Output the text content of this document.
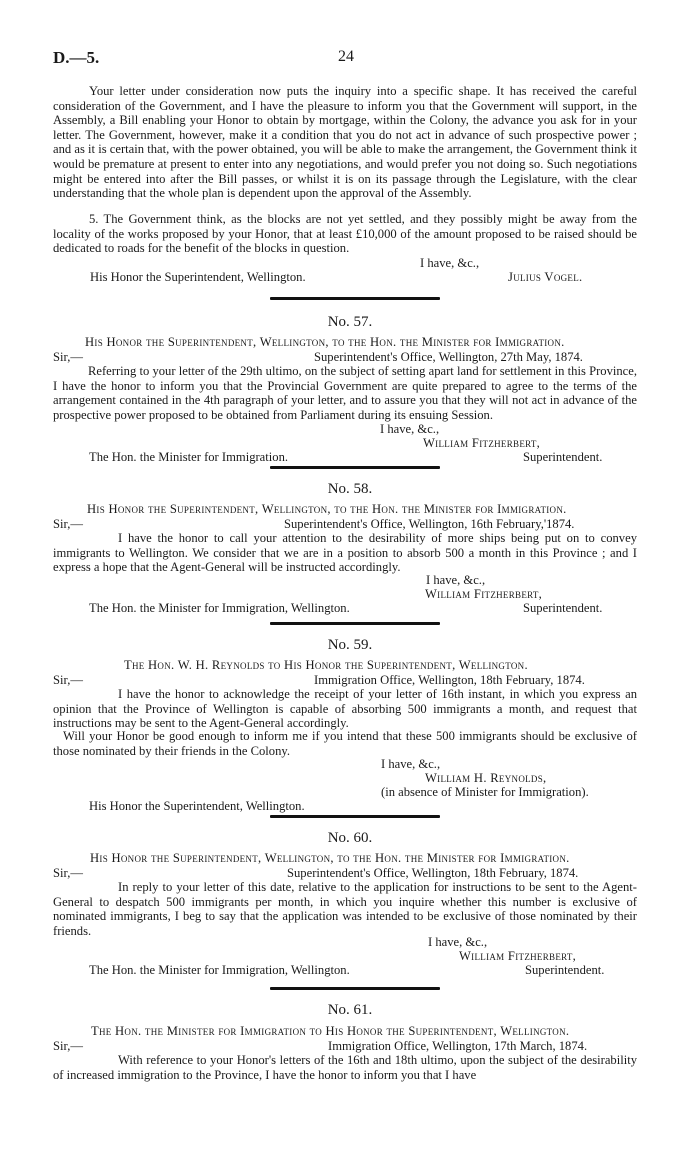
D.—5.	24

Your letter under consideration now puts the inquiry into a specific shape. It has received the careful consideration of the Government, and I have the pleasure to inform you that the Government will support, in the Assembly, a Bill enabling your Honor to obtain by mortgage, within the Colony, the advance you ask for in your letter. The Government, however, make it a condition that you do not act in advance of such prospective power ; and as it is certain that, with the power obtained, you will be able to make the arrangement, the Government think it would be premature at present to enter into any negotiations, and would prefer you not doing so. Such negotiations might be entered into after the Bill passes, or whilst it is on its passage through the Legislature, with the clear understanding that the whole plan is dependent upon the approval of the Assembly.

5. The Government think, as the blocks are not yet settled, and they possibly might be away from the locality of the works proposed by your Honor, that at least £10,000 of the amount proposed to be raised should be dedicated to roads for the benefit of the blocks in question.

I have, &c.,
His Honor the Superintendent, Wellington.	Julius Vogel.
No. 57.
His Honor the Superintendent, Wellington, to the Hon. the Minister for Immigration.
Sir,—	Superintendent's Office, Wellington, 27th May, 1874.

Referring to your letter of the 29th ultimo, on the subject of setting apart land for settlement in this Province, I have the honor to inform you that the Provincial Government are quite prepared to agree to the terms of the arrangement contained in the 4th paragraph of your letter, and to assure you that they will not act in advance of the prospective power proposed to be obtained from Parliament during its ensuing Session.

I have, &c.,
William Fitzherbert,
The Hon. the Minister for Immigration.	Superintendent.
No. 58.
His Honor the Superintendent, Wellington, to the Hon. the Minister for Immigration.
Sir,—	Superintendent's Office, Wellington, 16th February,'1874.

I have the honor to call your attention to the desirability of more ships being put on to convey immigrants to Wellington. We consider that we are in a position to absorb 500 a month in this Province ; and I express a hope that the Agent-General will be instructed accordingly.

I have, &c.,
William Fitzherbert,
The Hon. the Minister for Immigration, Wellington.	Superintendent.
No. 59.
The Hon. W. H. Reynolds to His Honor the Superintendent, Wellington.
Sir,—	Immigration Office, Wellington, 18th February, 1874.

I have the honor to acknowledge the receipt of your letter of 16th instant, in which you express an opinion that the Province of Wellington is capable of absorbing 500 immigrants a month, and request that instructions may be sent to the Agent-General accordingly.

Will your Honor be good enough to inform me if you intend that these 500 immigrants should be exclusive of those nominated by their friends in the Colony.

I have, &c.,
William H. Reynolds,
(in absence of Minister for Immigration).
His Honor the Superintendent, Wellington.
No. 60.
His Honor the Superintendent, Wellington, to the Hon. the Minister for Immigration.
Sir,—	Superintendent's Office, Wellington, 18th February, 1874.

In reply to your letter of this date, relative to the application for instructions to be sent to the Agent-General to despatch 500 immigrants per month, in which you inquire whether this number is exclusive of nominated immigrants, I beg to say that the application was intended to be exclusive of those nominated by their friends.

I have, &c.,
William Fitzherbert,
The Hon. the Minister for Immigration, Wellington.	Superintendent.
No. 61.
The Hon. the Minister for Immigration to His Honor the Superintendent, Wellington.
Sir,—	Immigration Office, Wellington, 17th March, 1874.

With reference to your Honor's letters of the 16th and 18th ultimo, upon the subject of the desirability of increased immigration to the Province, I have the honor to inform you that I have
